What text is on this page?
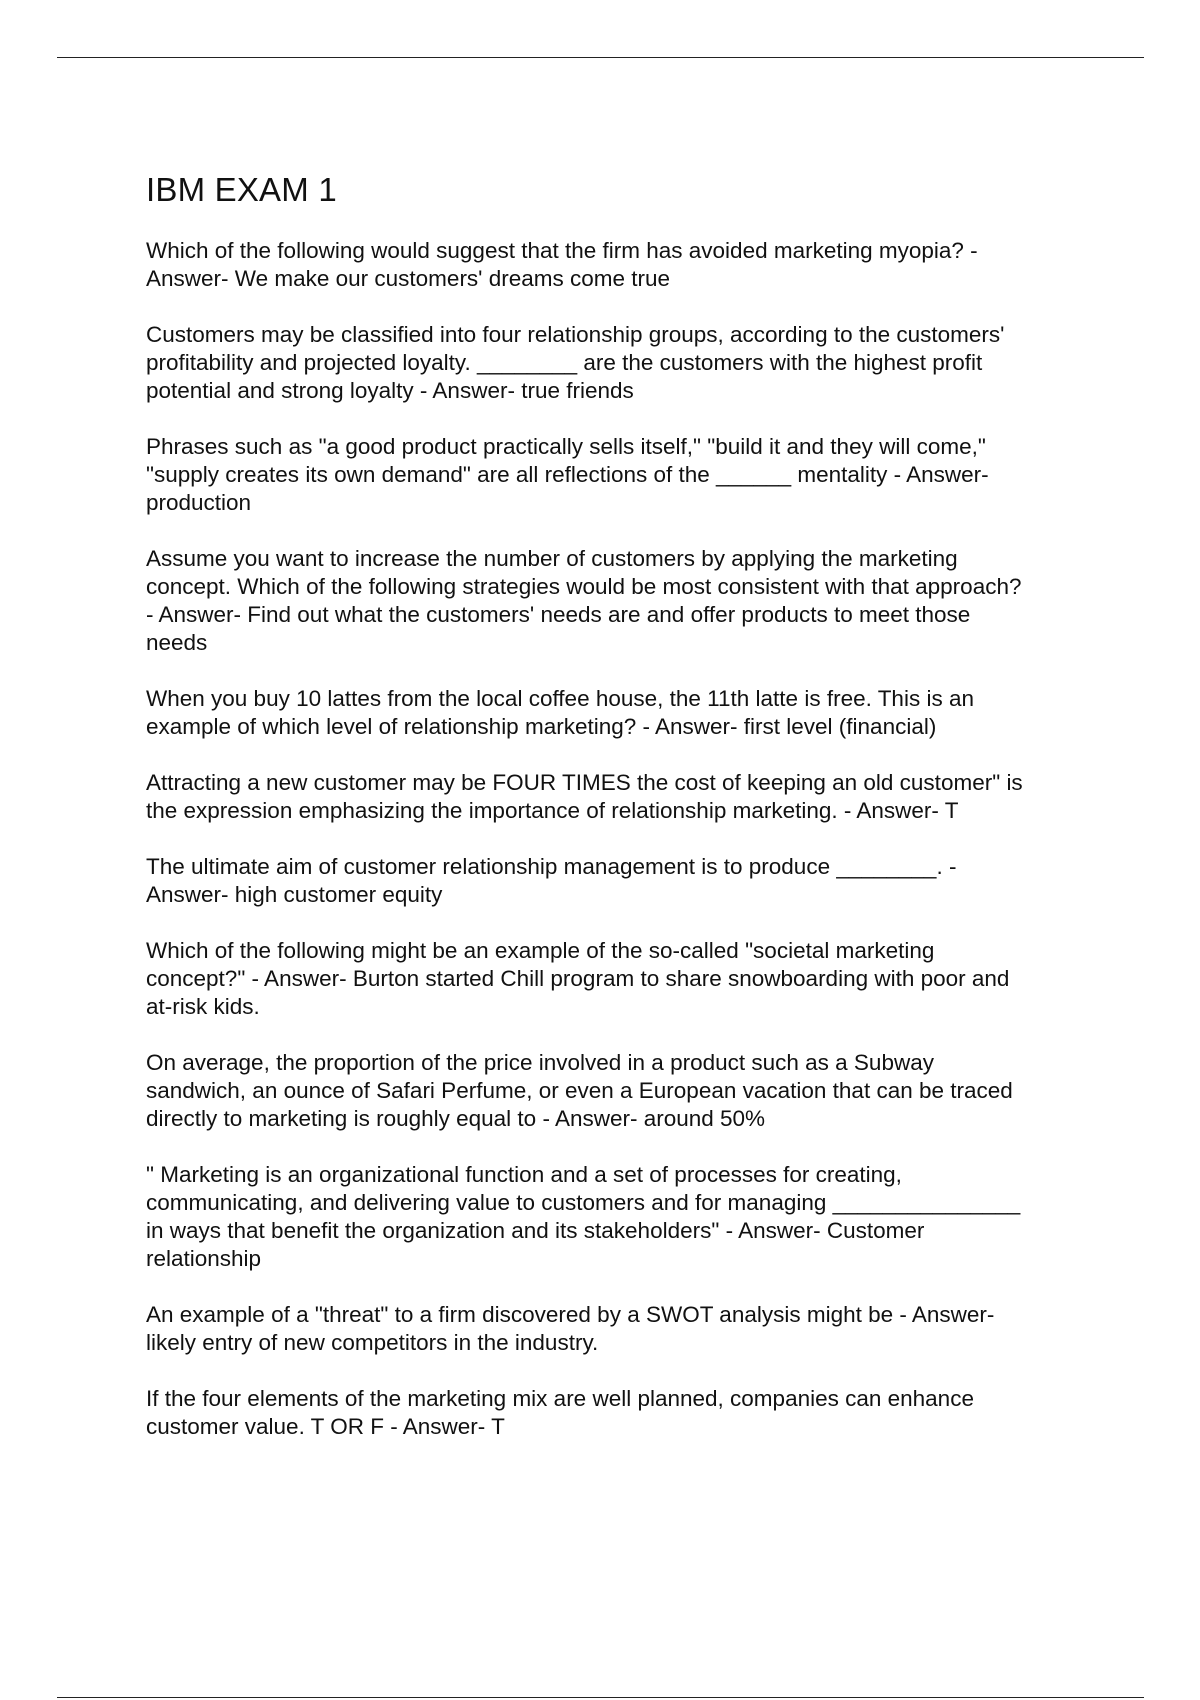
IBM EXAM 1
Which of the following would suggest that the firm has avoided marketing myopia? -
Answer- We make our customers' dreams come true
Customers may be classified into four relationship groups, according to the customers'
profitability and projected loyalty. ________ are the customers with the highest profit
potential and strong loyalty - Answer- true friends
Phrases such as "a good product practically sells itself," "build it and they will come,"
"supply creates its own demand" are all reflections of the ______ mentality - Answer-
production
Assume you want to increase the number of customers by applying the marketing
concept. Which of the following strategies would be most consistent with that approach?
- Answer- Find out what the customers' needs are and offer products to meet those
needs
When you buy 10 lattes from the local coffee house, the 11th latte is free. This is an
example of which level of relationship marketing? - Answer- first level (financial)
Attracting a new customer may be FOUR TIMES the cost of keeping an old customer" is
the expression emphasizing the importance of relationship marketing. - Answer- T
The ultimate aim of customer relationship management is to produce ________. -
Answer- high customer equity
Which of the following might be an example of the so-called "societal marketing
concept?" - Answer- Burton started Chill program to share snowboarding with poor and
at-risk kids.
On average, the proportion of the price involved in a product such as a Subway
sandwich, an ounce of Safari Perfume, or even a European vacation that can be traced
directly to marketing is roughly equal to - Answer- around 50%
" Marketing is an organizational function and a set of processes for creating,
communicating, and delivering value to customers and for managing _______________
in ways that benefit the organization and its stakeholders" - Answer- Customer
relationship
An example of a "threat" to a firm discovered by a SWOT analysis might be - Answer-
likely entry of new competitors in the industry.
If the four elements of the marketing mix are well planned, companies can enhance
customer value. T OR F - Answer- T
